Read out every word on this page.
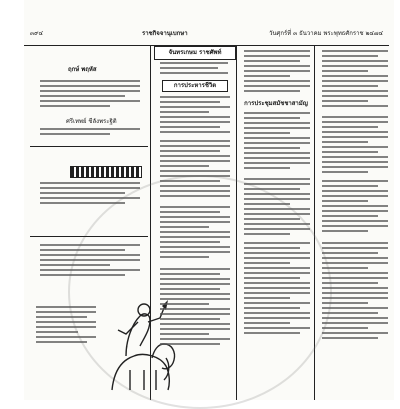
๓๙๔	ราชกิจจานุเบกษา	วันศุกร์ที่ ๓ ธันวาคม พระพุทธศักราช ๒๔๗๔
ฤกษ์ พฤหัส
ศรีเทพย์ ชีลังพระฐิติ
จันทรเกษม ราชศัพท์
การประหารชีวิต
การประชุมสมัชชาสามัญ
